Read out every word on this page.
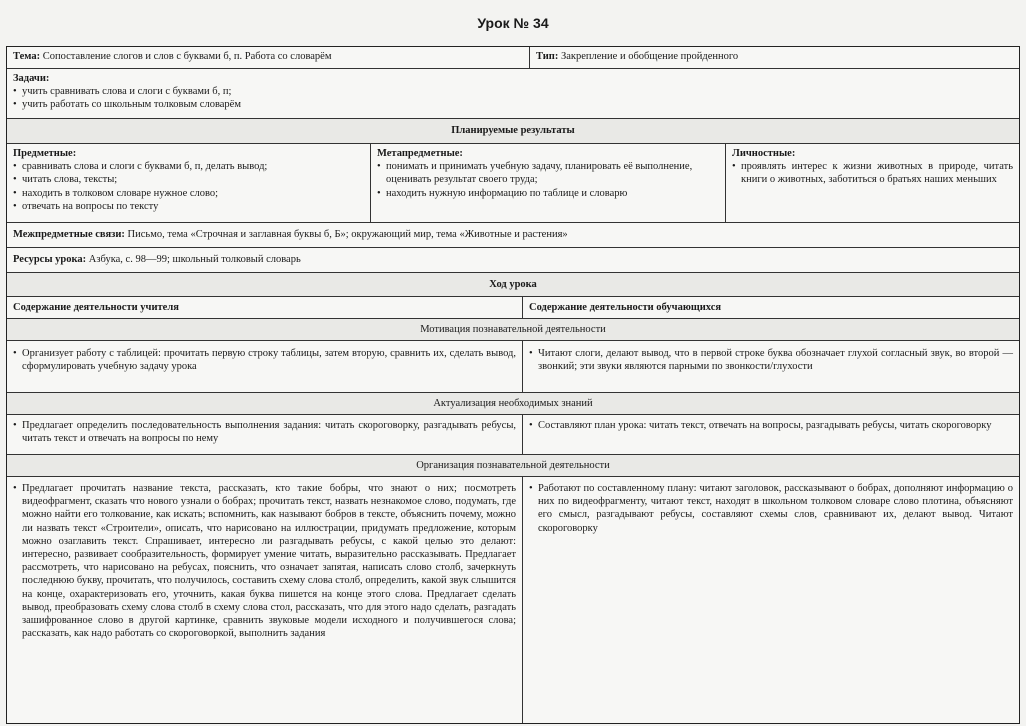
Урок № 34
Тема: Сопоставление слогов и слов с буквами б, п. Работа со словарём	Тип: Закрепление и обобщение пройденного
Задачи:
• учить сравнивать слова и слоги с буквами б, п;
• учить работать со школьным толковым словарём
Планируемые результаты
Предметные:
• сравнивать слова и слоги с буквами б, п, делать вывод;
• читать слова, тексты;
• находить в толковом словаре нужное слово;
• отвечать на вопросы по тексту
Метапредметные:
• понимать и принимать учебную задачу, планировать её выполнение, оценивать результат своего труда;
• находить нужную информацию по таблице и словарю
Личностные:
• проявлять интерес к жизни животных в природе, читать книги о животных, заботиться о братьях наших меньших
Межпредметные связи: Письмо, тема «Строчная и заглавная буквы б, Б»; окружающий мир, тема «Животные и растения»
Ресурсы урока: Азбука, с. 98—99; школьный толковый словарь
Ход урока
Содержание деятельности учителя	Содержание деятельности обучающихся
Мотивация познавательной деятельности
• Организует работу с таблицей: прочитать первую строку таблицы, затем вторую, сравнить их, сделать вывод, сформулировать учебную задачу урока
• Читают слоги, делают вывод, что в первой строке буква обозначает глухой согласный звук, во второй — звонкий; эти звуки являются парными по звонкости/глухости
Актуализация необходимых знаний
• Предлагает определить последовательность выполнения задания: читать скороговорку, разгадывать ребусы, читать текст и отвечать на вопросы по нему
• Составляют план урока: читать текст, отвечать на вопросы, разгадывать ребусы, читать скороговорку
Организация познавательной деятельности
• Предлагает прочитать название текста, рассказать, кто такие бобры, что знают о них; посмотреть видеофрагмент, сказать что нового узнали о бобрах; прочитать текст, назвать незнакомое слово, подумать, где можно найти его толкование, как искать; вспомнить, как называют бобров в тексте, объяснить почему, можно ли назвать текст «Строители», описать, что нарисовано на иллюстрации, придумать предложение, которым можно озаглавить текст. Спрашивает, интересно ли разгадывать ребусы, с какой целью это делают: интересно, развивает сообразительность, формирует умение читать, выразительно рассказывать. Предлагает рассмотреть, что нарисовано на ребусах, пояснить, что означает запятая, написать слово столб, зачеркнуть последнюю букву, прочитать, что получилось, составить схему слова столб, определить, какой звук слышится на конце, охарактеризовать его, уточнить, какая буква пишется на конце этого слова. Предлагает сделать вывод, преобразовать схему слова столб в схему слова стол, рассказать, что для этого надо сделать, разгадать зашифрованное слово в другой картинке, сравнить звуковые модели исходного и получившегося слова; рассказать, как надо работать со скороговоркой, выполнить задания
• Работают по составленному плану: читают заголовок, рассказывают о бобрах, дополняют информацию о них по видеофрагменту, читают текст, находят в школьном толковом словаре слово плотина, объясняют его смысл, разгадывают ребусы, составляют схемы слов, сравнивают их, делают вывод. Читают скороговорку
